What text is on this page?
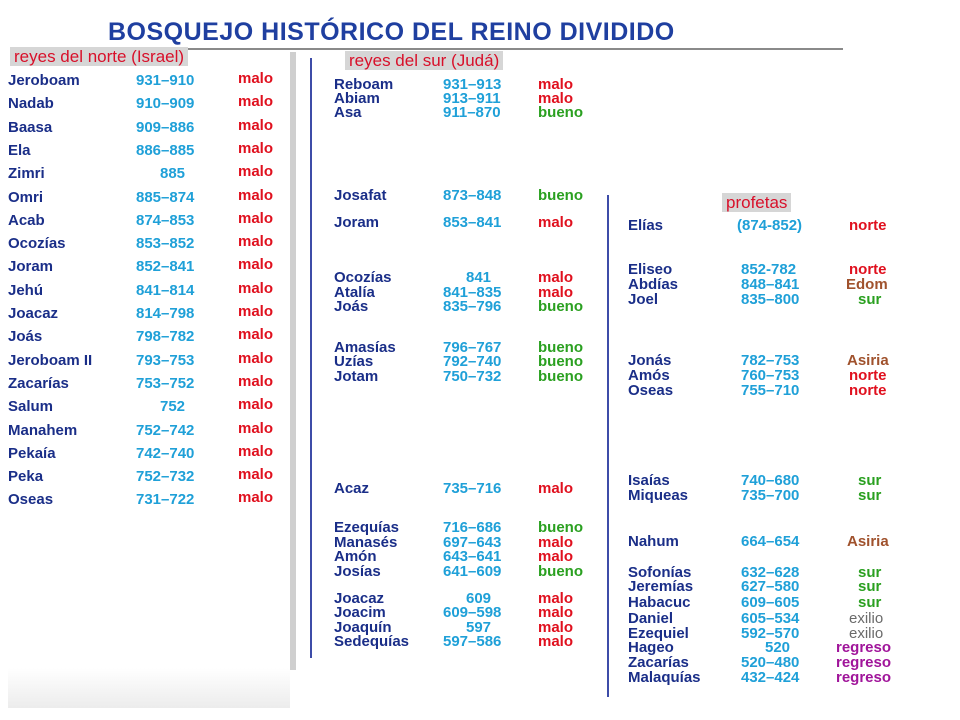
BOSQUEJO HISTÓRICO DEL REINO DIVIDIDO
reyes del norte (Israel)	reyes del sur (Judá)
profetas
Jeroboam	931–910	malo
Nadab	910–909	malo
Baasa	909–886	malo
Ela	886–885	malo
Zimri	885	malo
Omri	885–874	malo
Acab	874–853	malo
Ocozías	853–852	malo
Joram	852–841	malo
Jehú	841–814	malo
Joacaz	814–798	malo
Joás	798–782	malo
Jeroboam II	793–753	malo
Zacarías	753–752	malo
Salum	752	malo
Manahem	752–742	malo
Pekaía	742–740	malo
Peka	752–732	malo
Oseas	731–722	malo
Reboam	931–913 malo
Abiam	913–911 malo
Asa	911–870 bueno
Josafat	873–848 bueno
Joram	853–841 malo
Ocozías	841	malo
Atalía	841–835 malo
Joás	835–796 bueno
Amasías	796–767 bueno
Uzías	792–740 bueno
Jotam	750–732 bueno
Acaz	735–716 malo
Ezequías	716–686 bueno
Manasés	697–643 malo
Amón	643–641 malo
Josías	641–609 bueno
Joacaz	609	malo
Joacim	609–598 malo
Joaquín	597	malo
Sedequías 597–586 malo
Elías	(874-852)	norte
Eliseo	852-782	norte
Abdías	848–841	Edom
Joel	835–800	sur
Jonás	782–753	Asiria
Amós	760–753	norte
Oseas	755–710	norte
Isaías	740–680	sur
Miqueas	735–700	sur
Nahum	664–654	Asiria
Sofonías	632–628	sur
Jeremías	627–580	sur
Habacuc	609–605	sur
Daniel	605–534	exilio
Ezequiel	592–570	exilio
Hageo	520	regreso
Zacarías	520–480 regreso
Malaquías	432–424 regreso
